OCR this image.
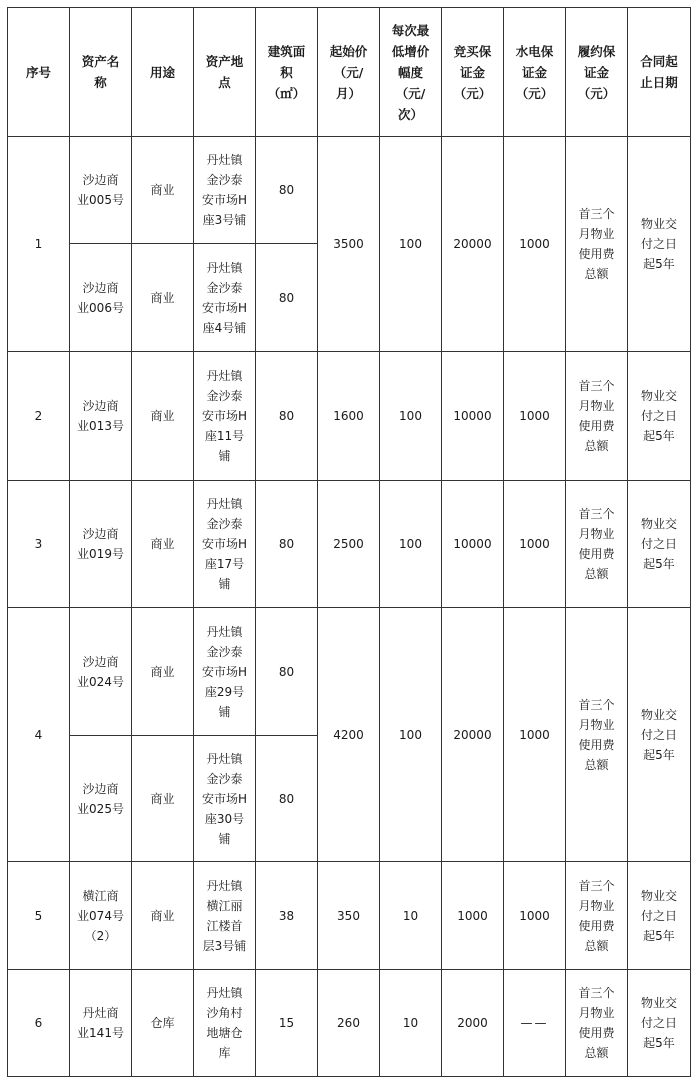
序号	资产名
称	用途	资产地
点	建筑面
积
（㎡）	起始价
（元/
月）	每次最
低增价
幅度
（元/
次）	竞买保
证金
（元）	水电保
证金
（元）	履约保
证金
（元）	合同起
止日期
1	沙边商
业005号	商业	丹灶镇
金沙泰
安市场H
座3号铺	80	3500	100	20000	1000	首三个
月物业
使用费
总额	物业交
付之日
起5年
	沙边商
业006号	商业	丹灶镇
金沙泰
安市场H
座4号铺	80						
2	沙边商
业013号	商业	丹灶镇
金沙泰
安市场H
座11号
铺	80	1600	100	10000	1000	首三个
月物业
使用费
总额	物业交
付之日
起5年
3	沙边商
业019号	商业	丹灶镇
金沙泰
安市场H
座17号
铺	80	2500	100	10000	1000	首三个
月物业
使用费
总额	物业交
付之日
起5年
4	沙边商
业024号	商业	丹灶镇
金沙泰
安市场H
座29号
铺	80	4200	100	20000	1000	首三个
月物业
使用费
总额	物业交
付之日
起5年
	沙边商
业025号	商业	丹灶镇
金沙泰
安市场H
座30号
铺	80						
5	横江商
业074号
（2）	商业	丹灶镇
横江丽
江楼首
层3号铺	38	350	10	1000	1000	首三个
月物业
使用费
总额	物业交
付之日
起5年
6	丹灶商
业141号	仓库	丹灶镇
沙角村
地塘仓
库	15	260	10	2000	——	首三个
月物业
使用费
总额	物业交
付之日
起5年
